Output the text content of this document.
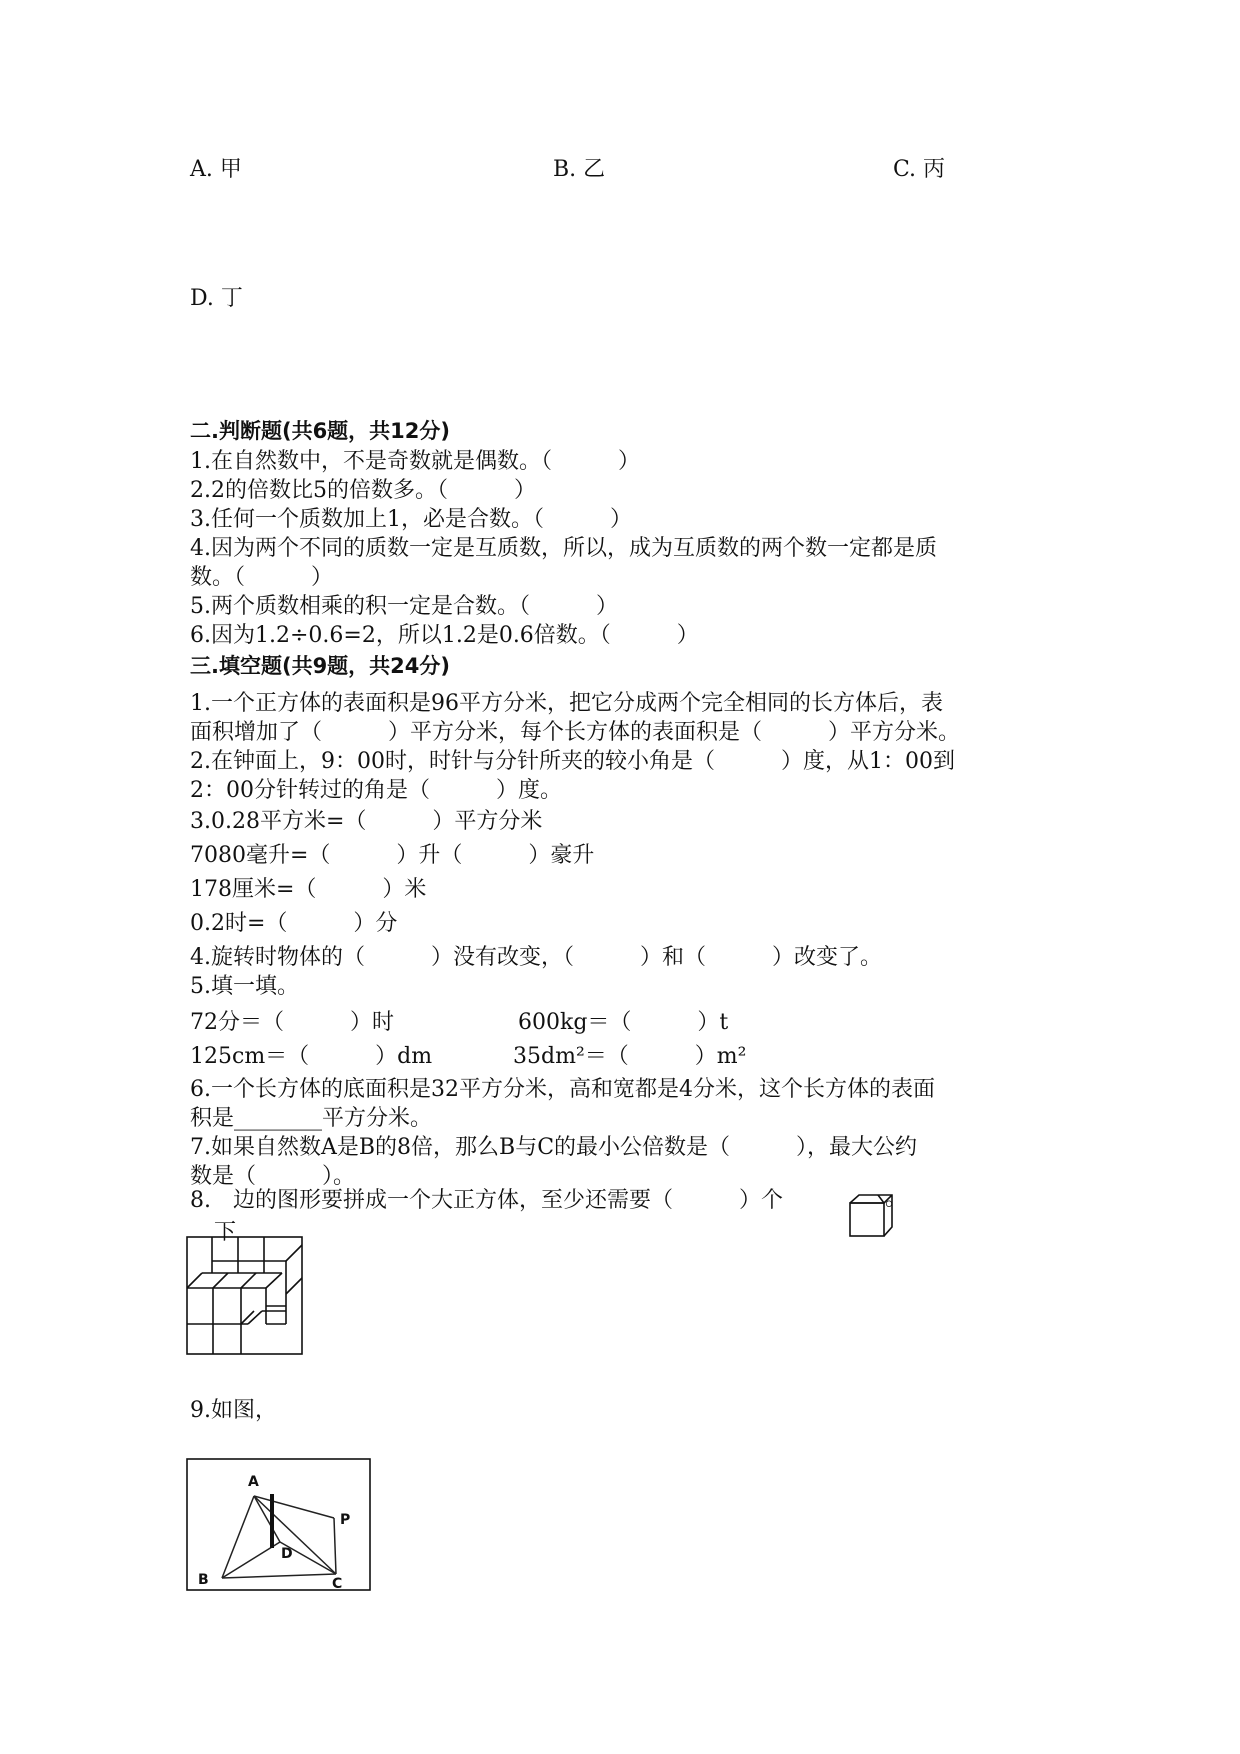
A. 甲	B. 乙	C. 丙
D. 丁
二.判断题(共6题，共12分)
1.在自然数中，不是奇数就是偶数。（　　　）
2.2的倍数比5的倍数多。（　　　）
3.任何一个质数加上1，必是合数。（　　　）
4.因为两个不同的质数一定是互质数，所以，成为互质数的两个数一定都是质
数。（　　　）
5.两个质数相乘的积一定是合数。（　　　）
6.因为1.2÷0.6=2，所以1.2是0.6倍数。（　　　）
三.填空题(共9题，共24分)
1.一个正方体的表面积是96平方分米，把它分成两个完全相同的长方体后，表
面积增加了（　　　）平方分米，每个长方体的表面积是（　　　）平方分米。
2.在钟面上，9：00时，时针与分针所夹的较小角是（　　　）度，从1：00到
2：00分针转过的角是（　　　）度。
3.0.28平方米=（　　　）平方分米
7080毫升=（　　　）升（　　　）豪升
178厘米=（　　　）米
0.2时=（　　　）分
4.旋转时物体的（　　　）没有改变，（　　　）和（　　　）改变了。
5.填一填。
72分＝（　　　）时	600kg＝（　　　）t
125cm＝（　　　）dm	35dm²＝（　　　）m²
6.一个长方体的底面积是32平方分米，高和宽都是4分米，这个长方体的表面
积是________平方分米。
7.如果自然数A是B的8倍，那么B与C的最小公倍数是（　　　），最大公约
数是（　　　）。
8.　边的图形要拼成一个大正方体，至少还需要（　　　）个	。
下
9.如图，
A
B	C
D
P
